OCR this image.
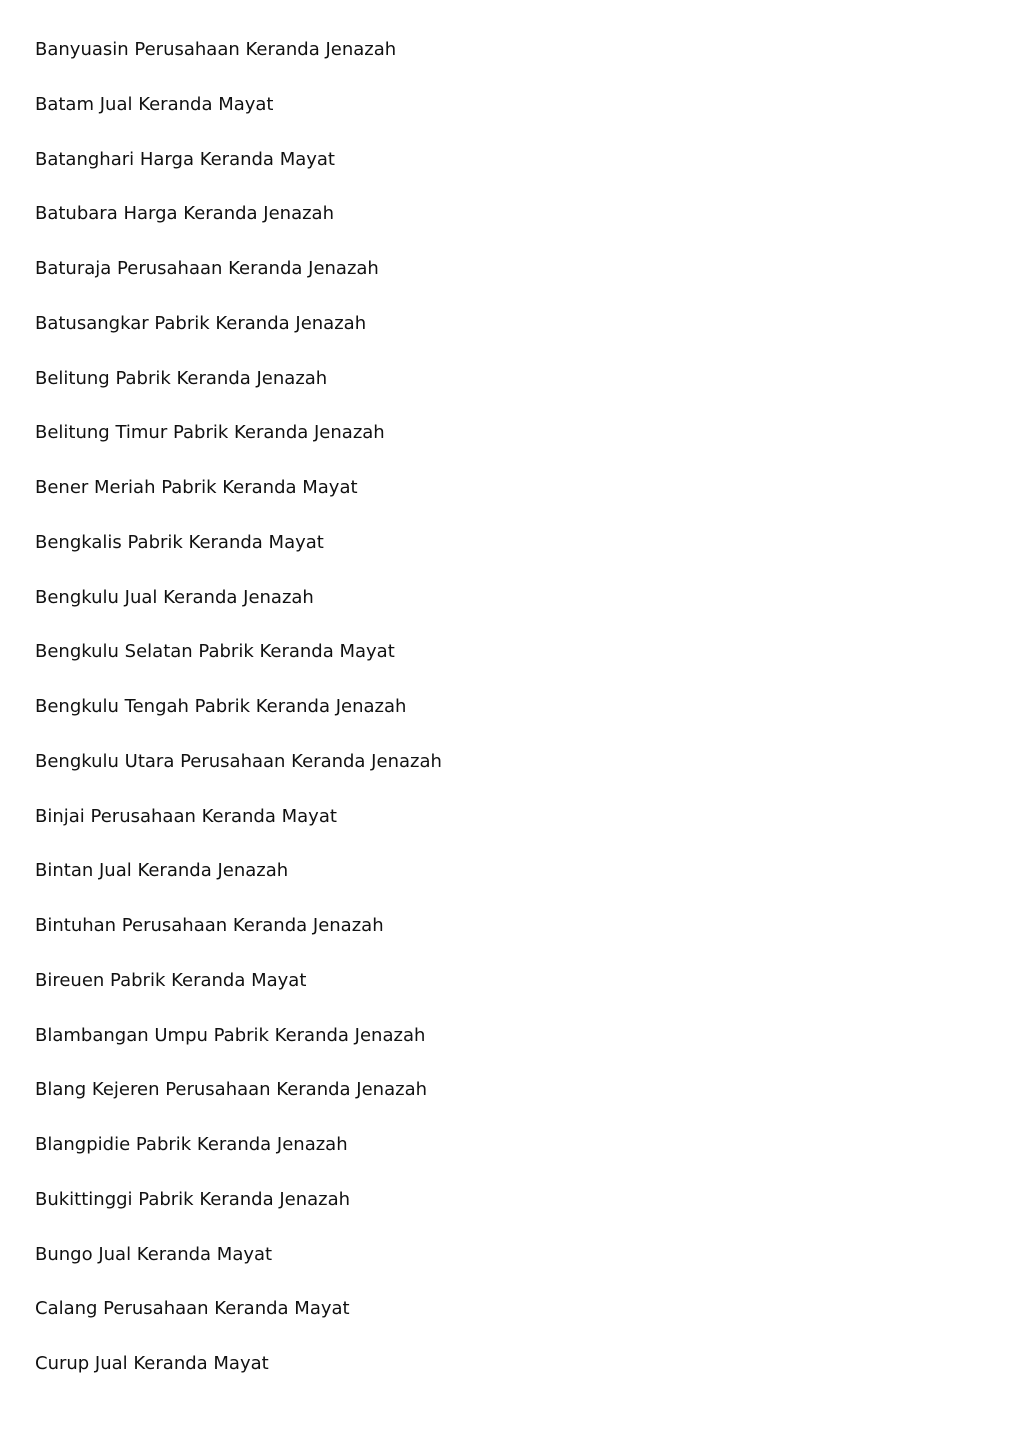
Banyuasin Perusahaan Keranda Jenazah
Batam Jual Keranda Mayat
Batanghari Harga Keranda Mayat
Batubara Harga Keranda Jenazah
Baturaja Perusahaan Keranda Jenazah
Batusangkar Pabrik Keranda Jenazah
Belitung Pabrik Keranda Jenazah
Belitung Timur Pabrik Keranda Jenazah
Bener Meriah Pabrik Keranda Mayat
Bengkalis Pabrik Keranda Mayat
Bengkulu Jual Keranda Jenazah
Bengkulu Selatan Pabrik Keranda Mayat
Bengkulu Tengah Pabrik Keranda Jenazah
Bengkulu Utara Perusahaan Keranda Jenazah
Binjai Perusahaan Keranda Mayat
Bintan Jual Keranda Jenazah
Bintuhan Perusahaan Keranda Jenazah
Bireuen Pabrik Keranda Mayat
Blambangan Umpu Pabrik Keranda Jenazah
Blang Kejeren Perusahaan Keranda Jenazah
Blangpidie Pabrik Keranda Jenazah
Bukittinggi Pabrik Keranda Jenazah
Bungo Jual Keranda Mayat
Calang Perusahaan Keranda Mayat
Curup Jual Keranda Mayat
